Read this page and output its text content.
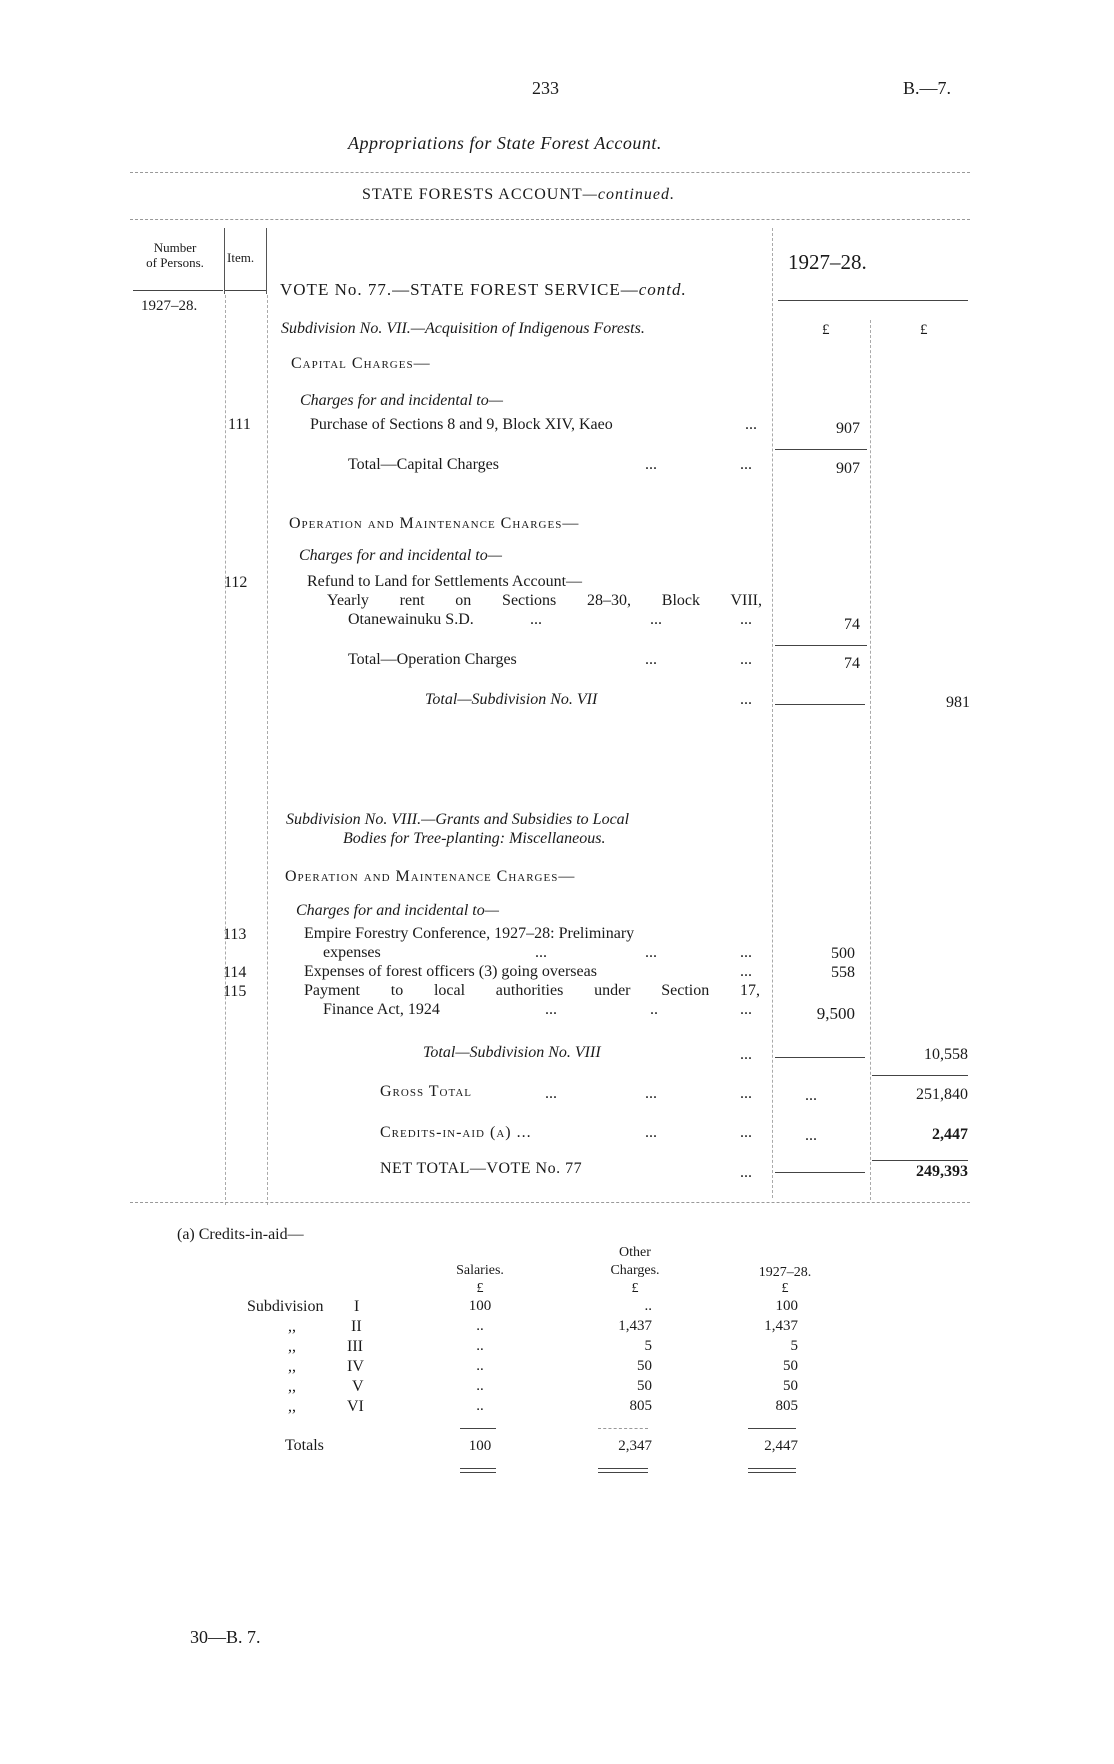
233	B.—7.
Appropriations for State Forest Account.
STATE FORESTS ACCOUNT—continued.
Number
of Persons.
1927–28.
Item.	1927–28.
£	£
VOTE No. 77.—STATE FOREST SERVICE—contd.
Subdivision No. VII.—Acquisition of Indigenous Forests.
Capital Charges—
Charges for and incidental to—
111	Purchase of Sections 8 and 9, Block XIV, Kaeo	...	907
Total—Capital Charges	...	...	907
Operation and Maintenance Charges—
Charges for and incidental to—
112	Refund to Land for Settlements Account—
Yearly rent on Sections 28–30, Block VIII,
Otanewainuku S.D.	...	...	...	74
Total—Operation Charges	...	...	74
Total—Subdivision No. VII	...	981
Subdivision No. VIII.—Grants and Subsidies to Local
Bodies for Tree-planting: Miscellaneous.
Operation and Maintenance Charges—
Charges for and incidental to—
113	Empire Forestry Conference, 1927–28: Preliminary
expenses	...	...	...	500
114	Expenses of forest officers (3) going overseas	...	558
115	Payment to local authorities under Section 17,
Finance Act, 1924	...	..	...	9,500
Total—Subdivision No. VIII	...	10,558
Gross Total	...	...	...	...	251,840
Credits-in-aid (a) ...	...	...	...	2,447
NET TOTAL—VOTE No. 77	...	249,393
(a) Credits-in-aid—
Salaries.
£
Other
Charges.
£
1927–28.
£
Subdivision I	100	..	100
,,	II	..	1,437	1,437
,,	III	..	5	5
,,	IV	..	50	50
,,	V	..	50	50
,,	VI	..	805	805
Totals	100	2,347	2,447
30—B. 7.
